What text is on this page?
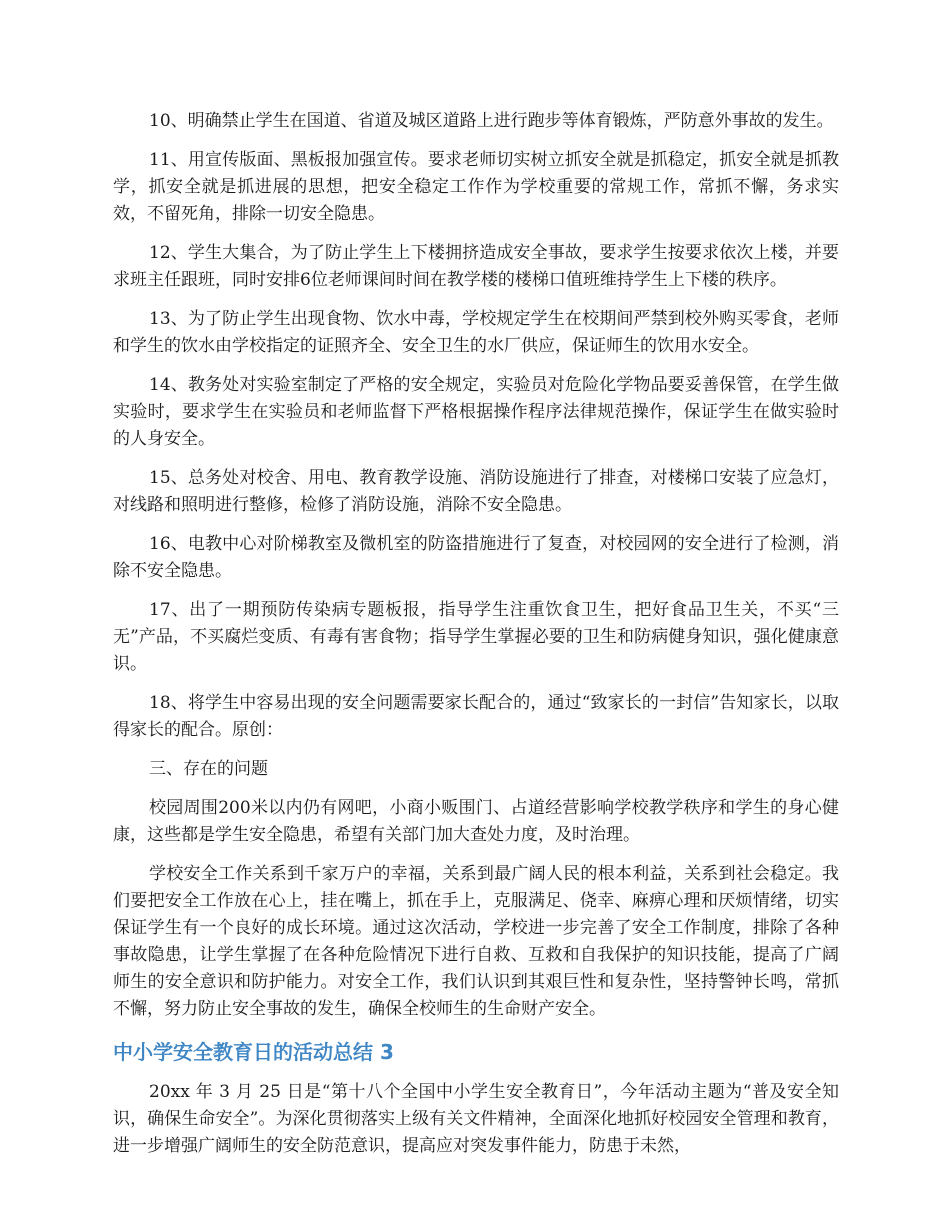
10、明确禁止学生在国道、省道及城区道路上进行跑步等体育锻炼，严防意外事故的发生。

11、用宣传版面、黑板报加强宣传。要求老师切实树立抓安全就是抓稳定，抓安全就是抓教学，抓安全就是抓进展的思想，把安全稳定工作作为学校重要的常规工作，常抓不懈，务求实效，不留死角，排除一切安全隐患。

12、学生大集合，为了防止学生上下楼拥挤造成安全事故，要求学生按要求依次上楼，并要求班主任跟班，同时安排6位老师课间时间在教学楼的楼梯口值班维持学生上下楼的秩序。

13、为了防止学生出现食物、饮水中毒，学校规定学生在校期间严禁到校外购买零食，老师和学生的饮水由学校指定的证照齐全、安全卫生的水厂供应，保证师生的饮用水安全。

14、教务处对实验室制定了严格的安全规定，实验员对危险化学物品要妥善保管，在学生做实验时，要求学生在实验员和老师监督下严格根据操作程序法律规范操作，保证学生在做实验时的人身安全。

15、总务处对校舍、用电、教育教学设施、消防设施进行了排查，对楼梯口安装了应急灯，对线路和照明进行整修，检修了消防设施，消除不安全隐患。

16、电教中心对阶梯教室及微机室的防盗措施进行了复查，对校园网的安全进行了检测，消除不安全隐患。

17、出了一期预防传染病专题板报，指导学生注重饮食卫生，把好食品卫生关，不买“三无”产品，不买腐烂变质、有毒有害食物；指导学生掌握必要的卫生和防病健身知识，强化健康意识。

18、将学生中容易出现的安全问题需要家长配合的，通过“致家长的一封信”告知家长，以取得家长的配合。原创：

三、存在的问题

校园周围200米以内仍有网吧，小商小贩围门、占道经营影响学校教学秩序和学生的身心健康，这些都是学生安全隐患，希望有关部门加大查处力度，及时治理。

学校安全工作关系到千家万户的幸福，关系到最广阔人民的根本利益，关系到社会稳定。我们要把安全工作放在心上，挂在嘴上，抓在手上，克服满足、侥幸、麻痹心理和厌烦情绪，切实保证学生有一个良好的成长环境。通过这次活动，学校进一步完善了安全工作制度，排除了各种事故隐患，让学生掌握了在各种危险情况下进行自救、互救和自我保护的知识技能，提高了广阔师生的安全意识和防护能力。对安全工作，我们认识到其艰巨性和复杂性，坚持警钟长鸣，常抓不懈，努力防止安全事故的发生，确保全校师生的生命财产安全。

中小学安全教育日的活动总结 3

20xx 年 3 月 25 日是“第十八个全国中小学生安全教育日”，今年活动主题为“普及安全知识，确保生命安全”。为深化贯彻落实上级有关文件精神，全面深化地抓好校园安全管理和教育，进一步增强广阔师生的安全防范意识，提高应对突发事件能力，防患于未然，
